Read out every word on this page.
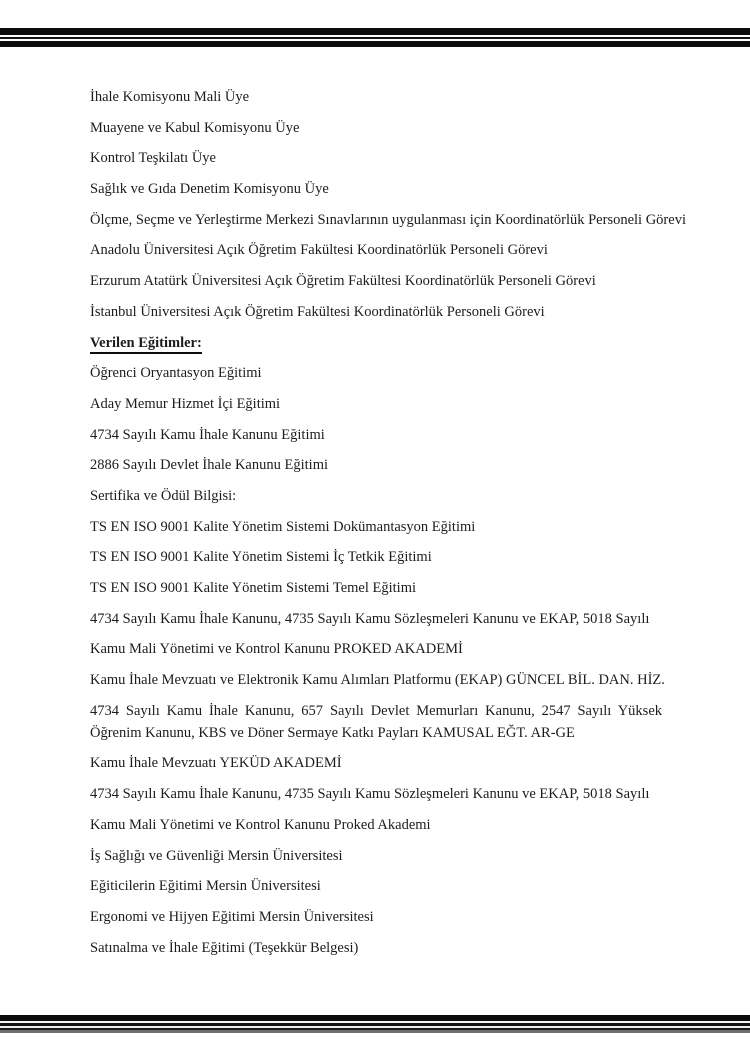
İhale Komisyonu Mali Üye

Muayene ve Kabul Komisyonu Üye

Kontrol Teşkilatı Üye

Sağlık ve Gıda Denetim Komisyonu Üye

Ölçme, Seçme ve Yerleştirme Merkezi Sınavlarının uygulanması için Koordinatörlük Personeli Görevi

Anadolu Üniversitesi Açık Öğretim Fakültesi Koordinatörlük Personeli Görevi

Erzurum Atatürk Üniversitesi Açık Öğretim Fakültesi Koordinatörlük Personeli Görevi

İstanbul Üniversitesi Açık Öğretim Fakültesi Koordinatörlük Personeli Görevi

Verilen Eğitimler:

Öğrenci Oryantasyon Eğitimi

Aday Memur Hizmet İçi Eğitimi

4734 Sayılı Kamu İhale Kanunu Eğitimi

2886 Sayılı Devlet İhale Kanunu Eğitimi

Sertifika ve Ödül Bilgisi:

TS EN ISO 9001 Kalite Yönetim Sistemi Dokümantasyon Eğitimi

TS EN ISO 9001 Kalite Yönetim Sistemi İç Tetkik Eğitimi

TS EN ISO 9001 Kalite Yönetim Sistemi Temel Eğitimi

4734 Sayılı Kamu İhale Kanunu, 4735 Sayılı Kamu Sözleşmeleri Kanunu ve EKAP, 5018 Sayılı

Kamu Mali Yönetimi ve Kontrol Kanunu PROKED AKADEMİ

Kamu İhale Mevzuatı ve Elektronik Kamu Alımları Platformu (EKAP) GÜNCEL BİL. DAN. HİZ.

4734 Sayılı Kamu İhale Kanunu, 657 Sayılı Devlet Memurları Kanunu, 2547 Sayılı Yüksek Öğrenim Kanunu, KBS ve Döner Sermaye Katkı Payları KAMUSAL EĞT. AR-GE

Kamu İhale Mevzuatı YEKÜD AKADEMİ

4734 Sayılı Kamu İhale Kanunu, 4735 Sayılı Kamu Sözleşmeleri Kanunu ve EKAP, 5018 Sayılı

Kamu Mali Yönetimi ve Kontrol Kanunu Proked Akademi

İş Sağlığı ve Güvenliği Mersin Üniversitesi

Eğiticilerin Eğitimi Mersin Üniversitesi

Ergonomi ve Hijyen Eğitimi Mersin Üniversitesi

Satınalma ve İhale Eğitimi (Teşekkür Belgesi)
